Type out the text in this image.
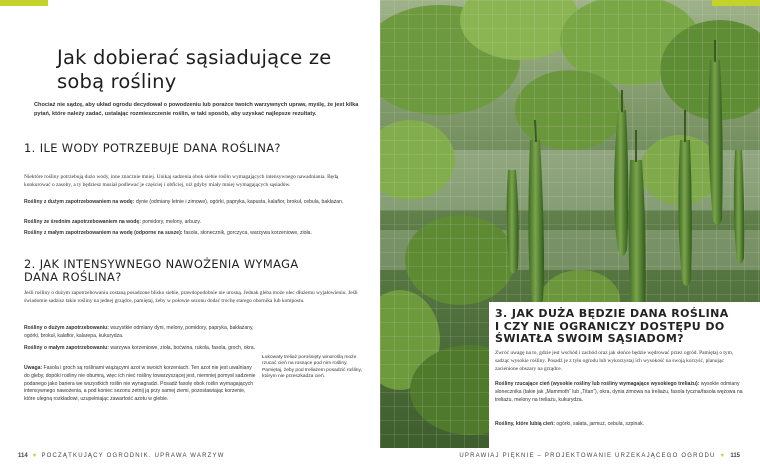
Jak dobierać sąsiadujące ze sobą rośliny

Chociaż nie sądzę, aby układ ogrodu decydował o powodzeniu lub porażce twoich warzywnych upraw, myślę, że jest kilka pytań, które należy zadać, ustalając rozmieszczenie roślin, w taki sposób, aby uzyskać najlepsze rezultaty.

1. ILE WODY POTRZEBUJE DANA ROŚLINA?

Niektóre rośliny potrzebują dużo wody, inne znacznie mniej. Unikaj sadzenia obok siebie roślin wymagających intensywnego nawadniania. Będą konkurować o zasoby, a ty będziesz musiał podlewać je częściej i obficiej, niż gdyby miały mniej wymagających sąsiadów.

Rośliny z dużym zapotrzebowaniem na wodę: dynie (odmiany letnie i zimowe), ogórki, papryka, kapusta, kalafior, brokuł, cebula, bakłażan.

Rośliny ze średnim zapotrzebowaniem na wodę: pomidory, melony, arbuzy.

Rośliny z małym zapotrzebowaniem na wodę (odporne na susze): fasola, słonecznik, gorczyca, warzywa korzeniowe, zioła.

2. JAK INTENSYWNEGO NAWOŻENIA WYMAGA DANA ROŚLINA?

Jeśli rośliny o dużym zapotrzebowaniu zostaną posadzone blisko siebie, prawdopodobnie nie urosną. Jednak gleba może ulec dłużemu wyjałowieniu. Jeśli świadomie sadzisz takie rośliny na jednej grządce, pamiętaj, żeby w połowie sezonu dodać trochę starego obornika lub kompostu.

Rośliny o dużym zapotrzebowaniu: wszystkie odmiany dyni, melony, pomidory, papryka, bakłażany, ogórki, brokuł, kalafior, kalarepa, kukurydza.

Rośliny o małym zapotrzebowaniu: warzywa korzeniowe, zioła, boćwina, rukola, fasola, groch, okra.

Uwaga: Fasola i groch są roślinami wiążącymi azot w swoich korzeniach. Ten azot nie jest uwalniany do gleby, dopóki rośliny nie obumrą, więc ich nieć rośliny towarzyszącej jest, niemniej pomysł sadzenie podanego jako bariera we wszystkich roślin nie wynagradzi. Posadź fasolę obok roślin wymagających intensywnego nawożenia, a pod koniec sezonu zetnij ją przy samej ziemi, pozostawiając korzenie, które ulegną rozkładowi, uzupełniając zawartość azotu w glebie.

Łukowaty treliaż porośnięty winoroślą może rzucać cień na rosnące pod nim rośliny. Pamiętaj, żeby pod treliażem posadzić rośliny, którym nie przeszkadza cień.

114 ♥ POCZĄTKUJĄCY OGRODNIK. UPRAWA WARZYW
3. JAK DUŻA BĘDZIE DANA ROŚLINA I CZY NIE OGRANICZY DOSTĘPU DO ŚWIATŁA SWOIM SĄSIADOM?

Zwróć uwagę na to, gdzie jest wschód i zachód oraz jak słońce będzie wędrować przez ogród. Pamiętaj o tym, sadząc wysokie rośliny. Posadź je z tyłu ogrodu lub wykorzystaj ich wysokość na swoją korzyść, planując zacienione obszary na grządce.

Rośliny rzucające cień (wysokie rośliny lub rośliny wymagające wysokiego treliażu): wysokie odmiany słonecznika (takie jak „Mammoth” lub „Titan”), okra, dynia zimowa na treliażu, fasola tyczna/fasola wężowa na treliażu, melony na treliażu, kukurydza.

Rośliny, które lubią cień: ogórki, sałata, jarmuż, cebula, szpinak.

UPRAWIAJ PIĘKNIE – PROJEKTOWANIE URZEKAJĄCEGO OGRODU ♥ 115
